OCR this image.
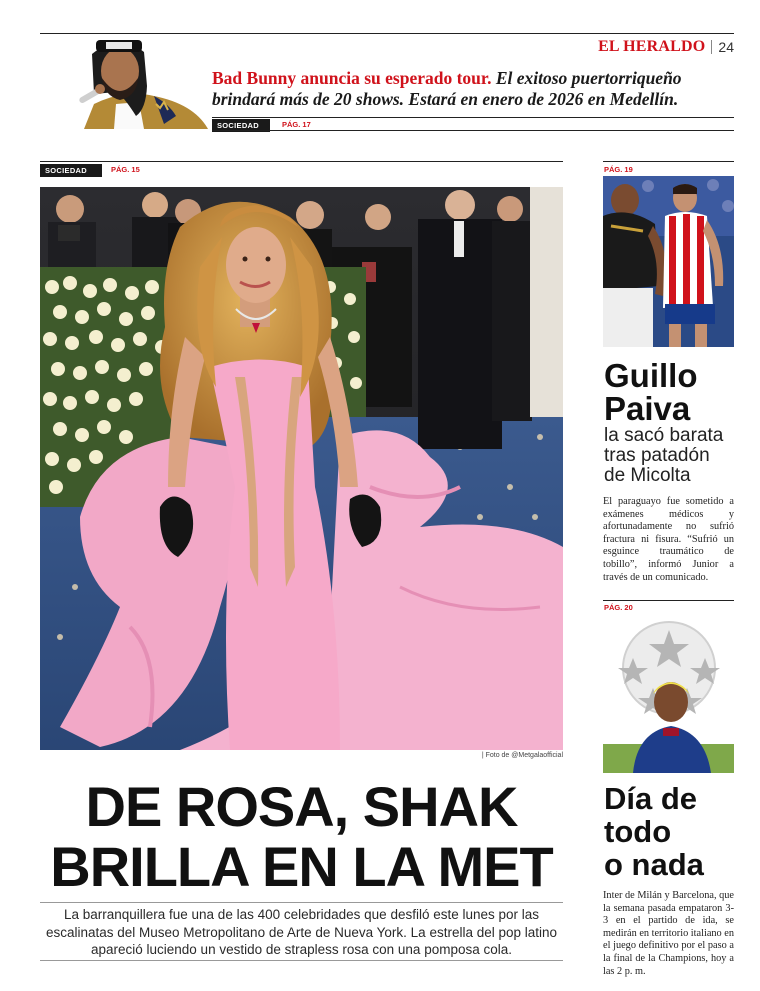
EL HERALDO 24
Bad Bunny anuncia su esperado tour. El exitoso puertorriqueño brindará más de 20 shows. Estará en enero de 2026 en Medellín.
SOCIEDAD	PÁG. 17
SOCIEDAD	PÁG. 15
| Foto de @Metgalaofficial
DE ROSA, SHAK
BRILLA EN LA MET
La barranquillera fue una de las 400 celebridades que desfiló este lunes por las escalinatas del Museo Metropolitano de Arte de Nueva York. La estrella del pop latino apareció luciendo un vestido de strapless rosa con una pomposa cola.
PÁG. 19
Guillo
Paiva
la sacó barata tras patadón de Micolta
El paraguayo fue sometido a exámenes médicos y afortunadamente no sufrió fractura ni fisura. “Sufrió un esguince traumático de tobillo”, informó Junior a través de un comunicado.
PÁG. 20
Día de
todo
o nada
Inter de Milán y Barcelona, que la semana pasada empataron 3-3 en el partido de ida, se medirán en territorio italiano en el juego definitivo por el paso a la final de la Champions, hoy a las 2 p. m.
